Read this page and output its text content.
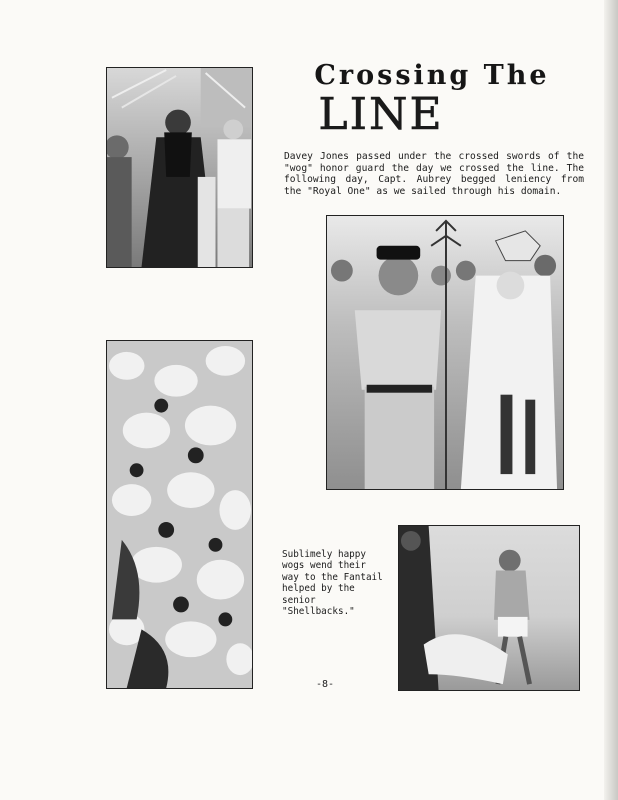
Crossing The
LINE
Davey Jones passed under the crossed swords of the "wog" honor guard the day we crossed the line. The following day, Capt. Aubrey begged leniency from the "Royal One" as we sailed through his domain.
Sublimely happy wogs wend their way to the Fantail helped by the senior "Shellbacks."
-8-
